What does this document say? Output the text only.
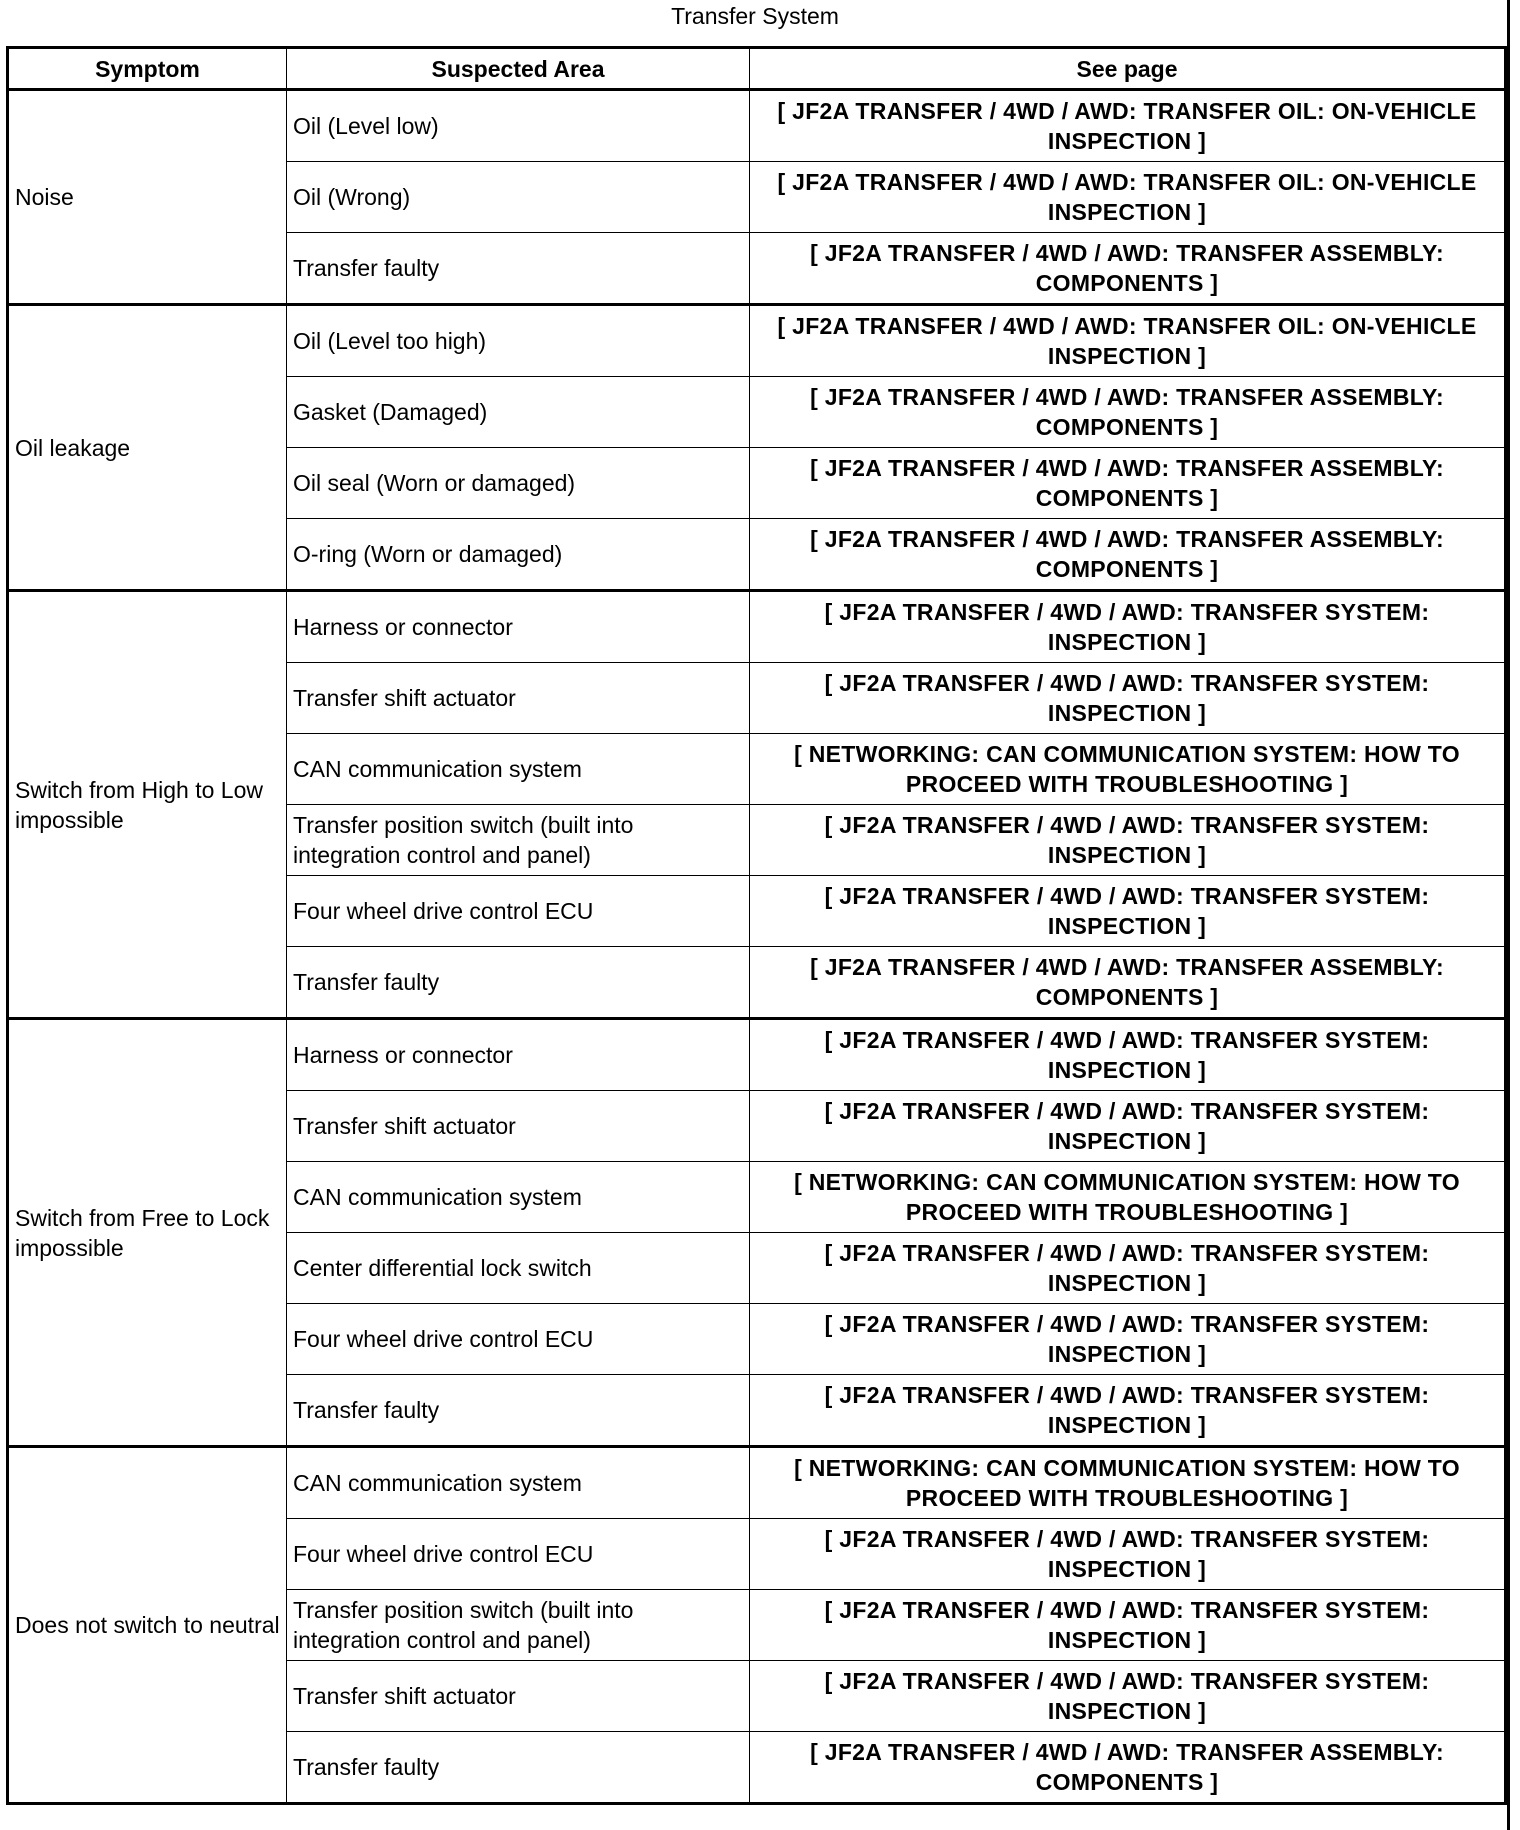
Transfer System
Symptom	Suspected Area	See page
Noise	Oil (Level low)	[ JF2A TRANSFER / 4WD / AWD: TRANSFER OIL: ON-VEHICLE INSPECTION ]
	Oil (Wrong)	[ JF2A TRANSFER / 4WD / AWD: TRANSFER OIL: ON-VEHICLE INSPECTION ]
	Transfer faulty	[ JF2A TRANSFER / 4WD / AWD: TRANSFER ASSEMBLY: COMPONENTS ]
Oil leakage	Oil (Level too high)	[ JF2A TRANSFER / 4WD / AWD: TRANSFER OIL: ON-VEHICLE INSPECTION ]
	Gasket (Damaged)	[ JF2A TRANSFER / 4WD / AWD: TRANSFER ASSEMBLY: COMPONENTS ]
	Oil seal (Worn or damaged)	[ JF2A TRANSFER / 4WD / AWD: TRANSFER ASSEMBLY: COMPONENTS ]
	O-ring (Worn or damaged)	[ JF2A TRANSFER / 4WD / AWD: TRANSFER ASSEMBLY: COMPONENTS ]
Switch from High to Low impossible	Harness or connector	[ JF2A TRANSFER / 4WD / AWD: TRANSFER SYSTEM: INSPECTION ]
	Transfer shift actuator	[ JF2A TRANSFER / 4WD / AWD: TRANSFER SYSTEM: INSPECTION ]
	CAN communication system	[ NETWORKING: CAN COMMUNICATION SYSTEM: HOW TO PROCEED WITH TROUBLESHOOTING ]
	Transfer position switch (built into integration control and panel)	[ JF2A TRANSFER / 4WD / AWD: TRANSFER SYSTEM: INSPECTION ]
	Four wheel drive control ECU	[ JF2A TRANSFER / 4WD / AWD: TRANSFER SYSTEM: INSPECTION ]
	Transfer faulty	[ JF2A TRANSFER / 4WD / AWD: TRANSFER ASSEMBLY: COMPONENTS ]
Switch from Free to Lock impossible	Harness or connector	[ JF2A TRANSFER / 4WD / AWD: TRANSFER SYSTEM: INSPECTION ]
	Transfer shift actuator	[ JF2A TRANSFER / 4WD / AWD: TRANSFER SYSTEM: INSPECTION ]
	CAN communication system	[ NETWORKING: CAN COMMUNICATION SYSTEM: HOW TO PROCEED WITH TROUBLESHOOTING ]
	Center differential lock switch	[ JF2A TRANSFER / 4WD / AWD: TRANSFER SYSTEM: INSPECTION ]
	Four wheel drive control ECU	[ JF2A TRANSFER / 4WD / AWD: TRANSFER SYSTEM: INSPECTION ]
	Transfer faulty	[ JF2A TRANSFER / 4WD / AWD: TRANSFER SYSTEM: INSPECTION ]
Does not switch to neutral	CAN communication system	[ NETWORKING: CAN COMMUNICATION SYSTEM: HOW TO PROCEED WITH TROUBLESHOOTING ]
	Four wheel drive control ECU	[ JF2A TRANSFER / 4WD / AWD: TRANSFER SYSTEM: INSPECTION ]
	Transfer position switch (built into integration control and panel)	[ JF2A TRANSFER / 4WD / AWD: TRANSFER SYSTEM: INSPECTION ]
	Transfer shift actuator	[ JF2A TRANSFER / 4WD / AWD: TRANSFER SYSTEM: INSPECTION ]
	Transfer faulty	[ JF2A TRANSFER / 4WD / AWD: TRANSFER ASSEMBLY: COMPONENTS ]
